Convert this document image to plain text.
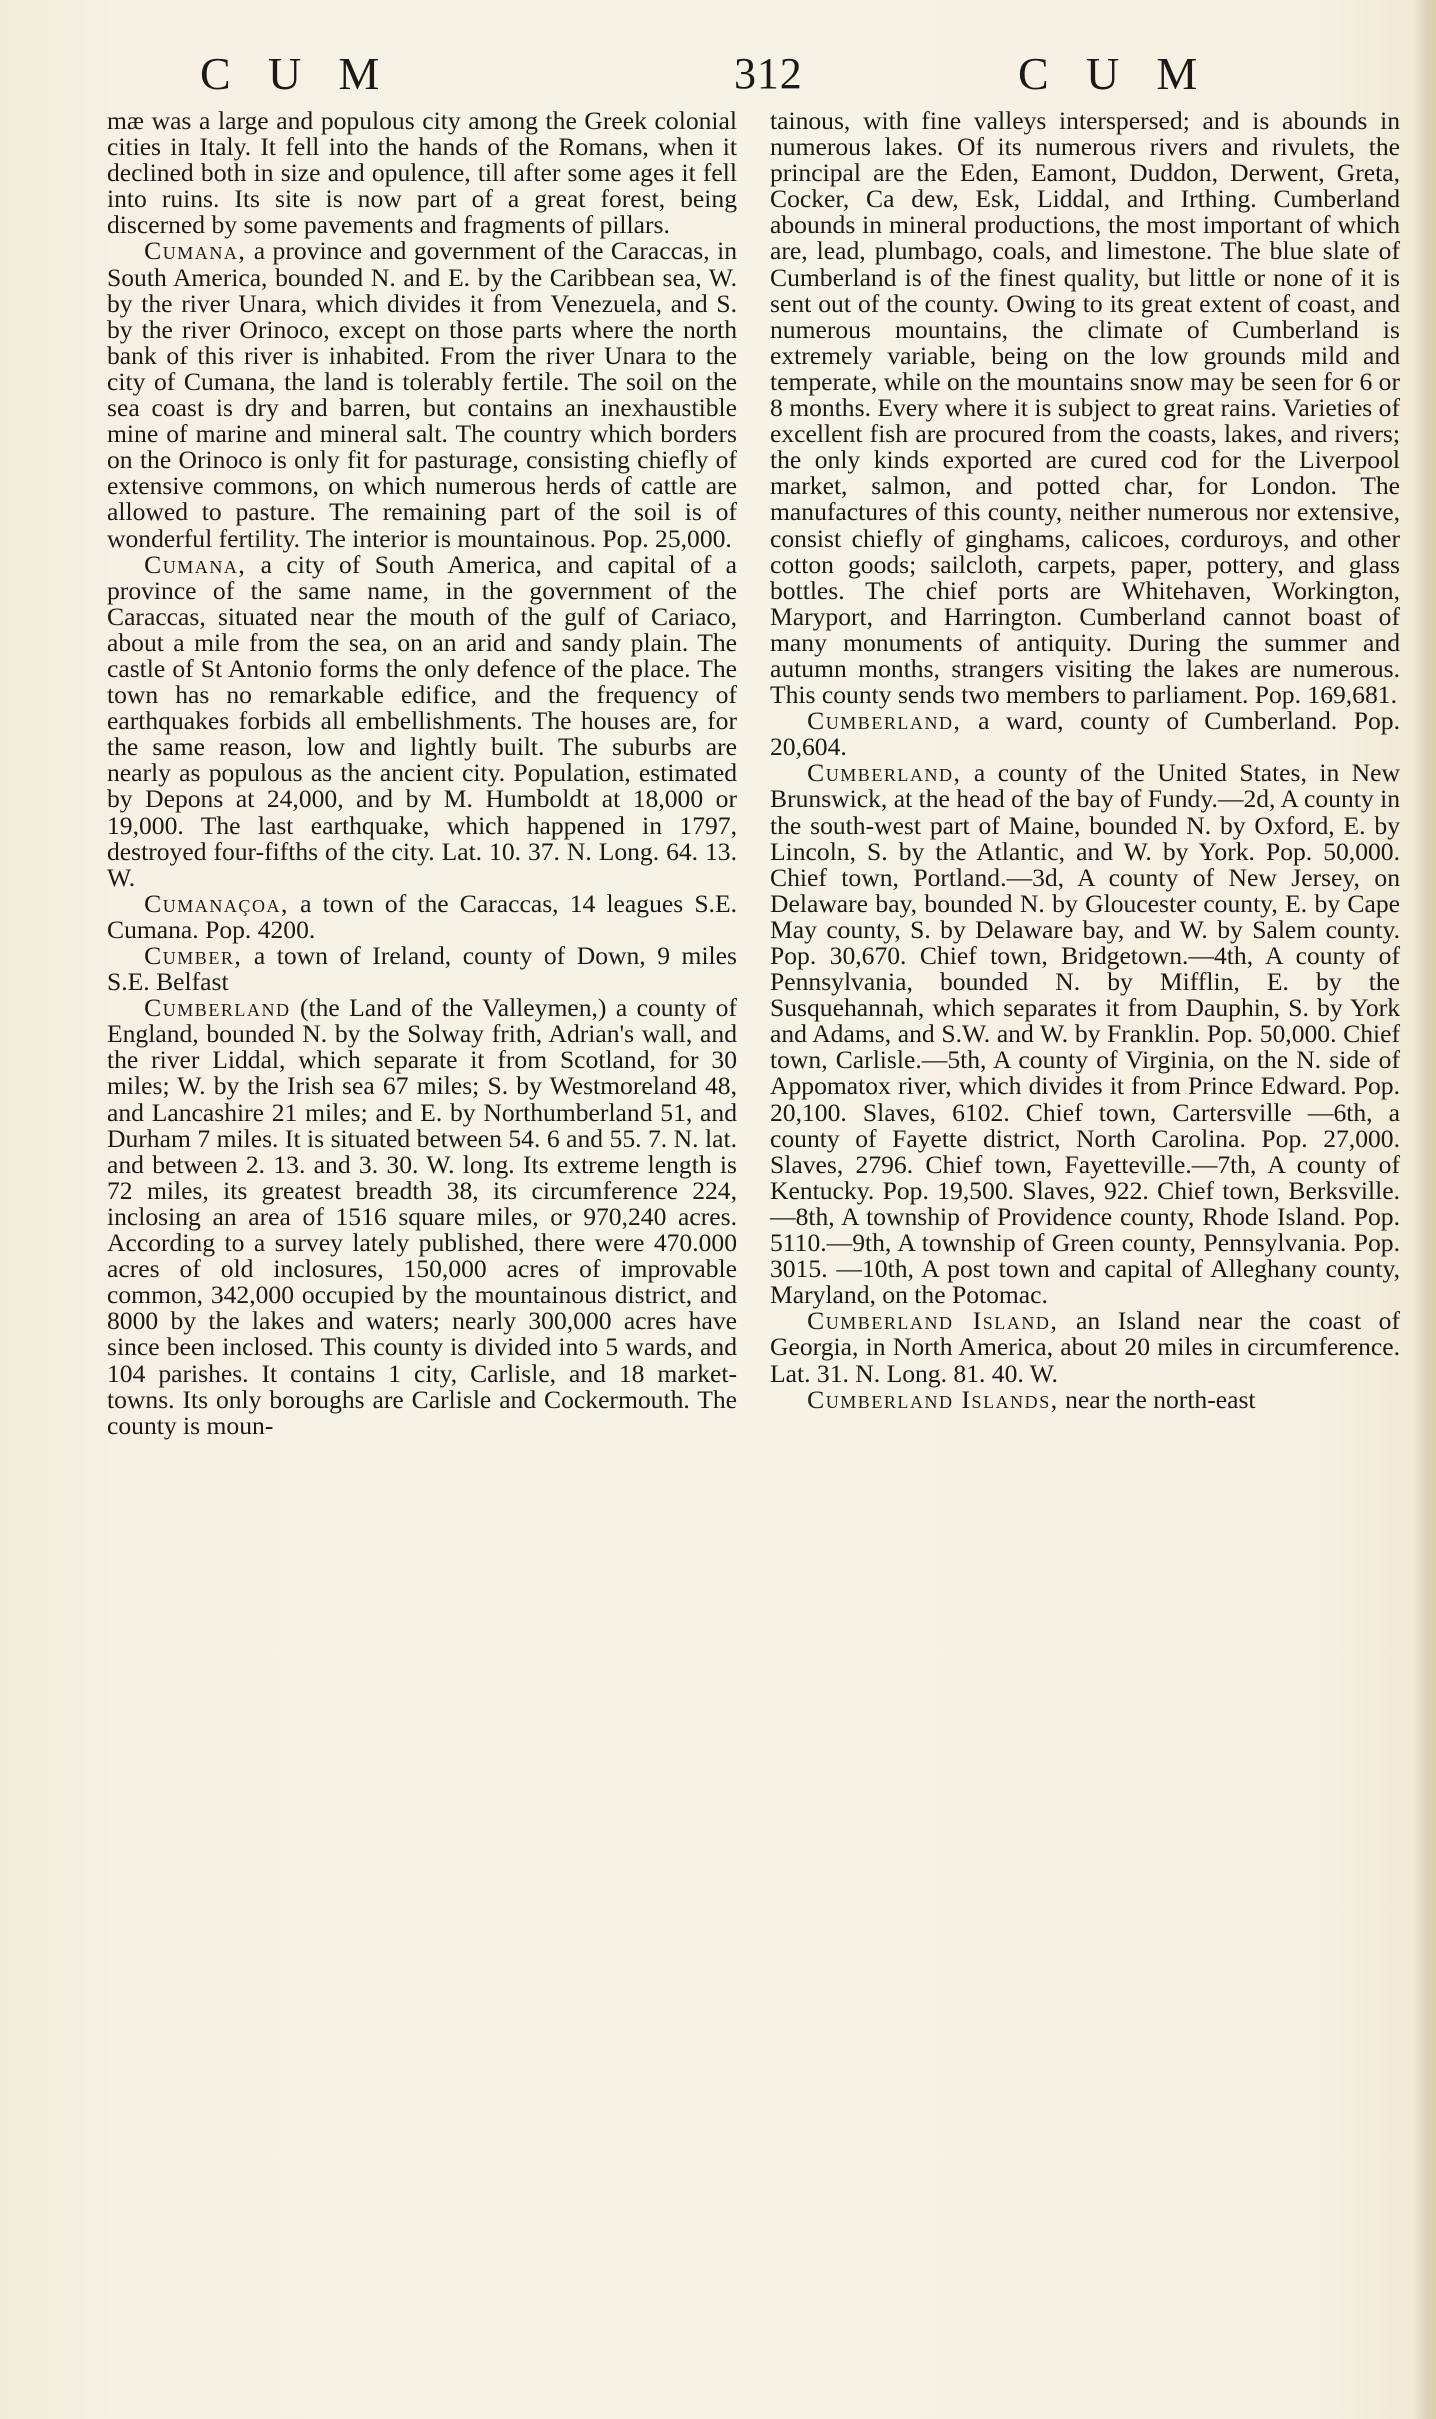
C U M	312	C U M

mæ was a large and populous city among the Greek colonial cities in Italy. It fell into the hands of the Romans, when it declined both in size and opulence, till after some ages it fell into ruins. Its site is now part of a great forest, being discerned by some pavements and fragments of pillars.

Cumana, a province and government of the Caraccas, in South America, bounded N. and E. by the Caribbean sea, W. by the river Unara, which divides it from Venezuela, and S. by the river Orinoco, except on those parts where the north bank of this river is inhabited. From the river Unara to the city of Cumana, the land is tolerably fertile. The soil on the sea coast is dry and barren, but contains an inexhaustible mine of marine and mineral salt. The country which borders on the Orinoco is only fit for pasturage, consisting chiefly of extensive commons, on which numerous herds of cattle are allowed to pasture. The remaining part of the soil is of wonderful fertility. The interior is mountainous. Pop. 25,000.

Cumana, a city of South America, and capital of a province of the same name, in the government of the Caraccas, situated near the mouth of the gulf of Cariaco, about a mile from the sea, on an arid and sandy plain. The castle of St Antonio forms the only defence of the place. The town has no remarkable edifice, and the frequency of earthquakes forbids all embellishments. The houses are, for the same reason, low and lightly built. The suburbs are nearly as populous as the ancient city. Population, estimated by Depons at 24,000, and by M. Humboldt at 18,000 or 19,000. The last earthquake, which happened in 1797, destroyed four-fifths of the city. Lat. 10. 37. N. Long. 64. 13. W.

Cumanaçoa, a town of the Caraccas, 14 leagues S.E. Cumana. Pop. 4200.

Cumber, a town of Ireland, county of Down, 9 miles S.E. Belfast

Cumberland (the Land of the Valleymen,) a county of England, bounded N. by the Solway frith, Adrian's wall, and the river Liddal, which separate it from Scotland, for 30 miles; W. by the Irish sea 67 miles; S. by Westmoreland 48, and Lancashire 21 miles; and E. by Northumberland 51, and Durham 7 miles. It is situated between 54. 6 and 55. 7. N. lat. and between 2. 13. and 3. 30. W. long. Its extreme length is 72 miles, its greatest breadth 38, its circumference 224, inclosing an area of 1516 square miles, or 970,240 acres. According to a survey lately published, there were 470.000 acres of old inclosures, 150,000 acres of improvable common, 342,000 occupied by the mountainous district, and 8000 by the lakes and waters; nearly 300,000 acres have since been inclosed. This county is divided into 5 wards, and 104 parishes. It contains 1 city, Carlisle, and 18 market-towns. Its only boroughs are Carlisle and Cockermouth. The county is moun-

tainous, with fine valleys interspersed; and is abounds in numerous lakes. Of its numerous rivers and rivulets, the principal are the Eden, Eamont, Duddon, Derwent, Greta, Cocker, Ca dew, Esk, Liddal, and Irthing. Cumberland abounds in mineral productions, the most important of which are, lead, plumbago, coals, and limestone. The blue slate of Cumberland is of the finest quality, but little or none of it is sent out of the county. Owing to its great extent of coast, and numerous mountains, the climate of Cumberland is extremely variable, being on the low grounds mild and temperate, while on the mountains snow may be seen for 6 or 8 months. Every where it is subject to great rains. Varieties of excellent fish are procured from the coasts, lakes, and rivers; the only kinds exported are cured cod for the Liverpool market, salmon, and potted char, for London. The manufactures of this county, neither numerous nor extensive, consist chiefly of ginghams, calicoes, corduroys, and other cotton goods; sailcloth, carpets, paper, pottery, and glass bottles. The chief ports are Whitehaven, Workington, Maryport, and Harrington. Cumberland cannot boast of many monuments of antiquity. During the summer and autumn months, strangers visiting the lakes are numerous. This county sends two members to parliament. Pop. 169,681.

Cumberland, a ward, county of Cumberland. Pop. 20,604.

Cumberland, a county of the United States, in New Brunswick, at the head of the bay of Fundy.—2d, A county in the south-west part of Maine, bounded N. by Oxford, E. by Lincoln, S. by the Atlantic, and W. by York. Pop. 50,000. Chief town, Portland.—3d, A county of New Jersey, on Delaware bay, bounded N. by Gloucester county, E. by Cape May county, S. by Delaware bay, and W. by Salem county. Pop. 30,670. Chief town, Bridgetown.—4th, A county of Pennsylvania, bounded N. by Mifflin, E. by the Susquehannah, which separates it from Dauphin, S. by York and Adams, and S.W. and W. by Franklin. Pop. 50,000. Chief town, Carlisle.—5th, A county of Virginia, on the N. side of Appomatox river, which divides it from Prince Edward. Pop. 20,100. Slaves, 6102. Chief town, Cartersville —6th, a county of Fayette district, North Carolina. Pop. 27,000. Slaves, 2796. Chief town, Fayetteville.—7th, A county of Kentucky. Pop. 19,500. Slaves, 922. Chief town, Berksville.—8th, A township of Providence county, Rhode Island. Pop. 5110.—9th, A township of Green county, Pennsylvania. Pop. 3015. —10th, A post town and capital of Alleghany county, Maryland, on the Potomac.

Cumberland Island, an Island near the coast of Georgia, in North America, about 20 miles in circumference. Lat. 31. N. Long. 81. 40. W.

Cumberland Islands, near the north-east
